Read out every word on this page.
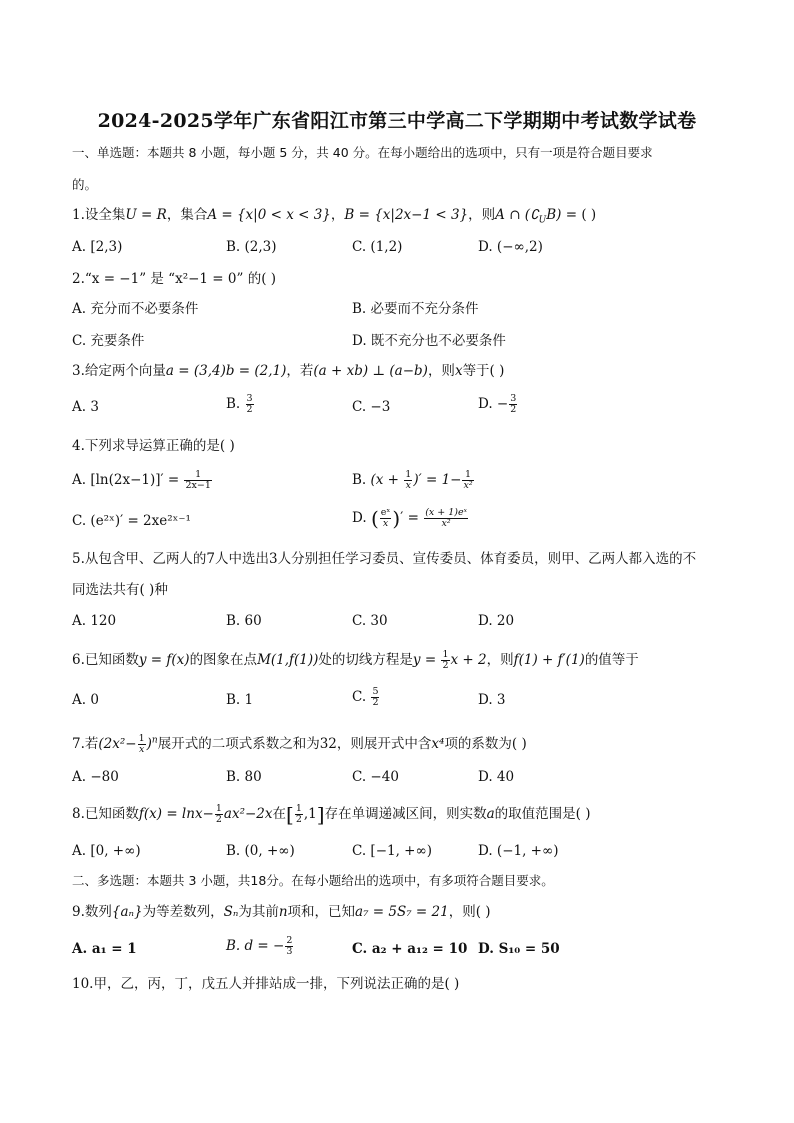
2024-2025学年广东省阳江市第三中学高二下学期期中考试数学试卷
一、单选题：本题共 8 小题，每小题 5 分，共 40 分。在每小题给出的选项中，只有一项是符合题目要求
的。
1.设全集U = R，集合A = {x|0 < x < 3}，B = {x|2x−1 < 3}，则A ∩ $(∁_UB)$ = ( )
A. [2,3)	B. (2,3)	C. (1,2)	D. (−∞,2)
2.“x = −1” 是 “x²−1 = 0” 的( )
A. 充分而不必要条件	B. 必要而不充分条件
C. 充要条件	D. 既不充分也不必要条件
3.给定两个向量a = (3,4)b = (2,1)，若(a + xb) ⊥ (a−b)，则x等于( )
A. 3	B. $\frac{3}{2}$	C. −3	D. − $\frac{3}{2}$
4.下列求导运算正确的是( )
A. $[\ln(2x-1)]' = \frac{1}{2x-1}$	B. ($x + \frac{1}{x}$ )′ = $1- \frac{1}{\text{x²}}$
C. (e²ˣ)′ = 2xe²ˣ⁻¹	D. ( $\frac{\text{eˣ}}{x}$ )′ = $\frac{\text{(x + 1)eˣ}}{\text{x²}}$
5.从包含甲、乙两人的7人中选出3人分别担任学习委员、宣传委员、体育委员，则甲、乙两人都入选的不
同选法共有( )种
A. 120	B. 60	C. 30	D. 20
6.已知函数y = f(x)的图象在点M(1,f(1))处的切线方程是$y = \frac{1}{2}$ x + 2，则f(1) + f′(1)的值等于
A. 0	B. 1	C. $\frac{5}{2}$	D. 3
7.若$(2x^2- \frac{1}{x} )^n$展开式的二项式系数之和为32，则展开式中含x⁴项的系数为( )
A. −80	B. 80	C. −40	D. 40
8.已知函数$f(x) = \ln x- \frac{1}{2} ax^2-2x$在[ $\frac{1}{2} ,1$]存在单调递减区间，则实数a的取值范围是( )
A. [0, +∞)	B. (0, +∞)	C. [−1, +∞)	D. (−1, +∞)
二、多选题：本题共 3 小题，共18分。在每小题给出的选项中，有多项符合题目要求。
9.数列{aₙ}为等差数列，Sₙ为其前n项和，已知a₇ = 5S₇ = 21，则( )
A. a₁ = 1	B. d = − $\frac{2}{3}$	C. a₂ + a₁₂ = 10 D. S₁₀ = 50
10.甲，乙，丙，丁，戊五人并排站成一排，下列说法正确的是( )
